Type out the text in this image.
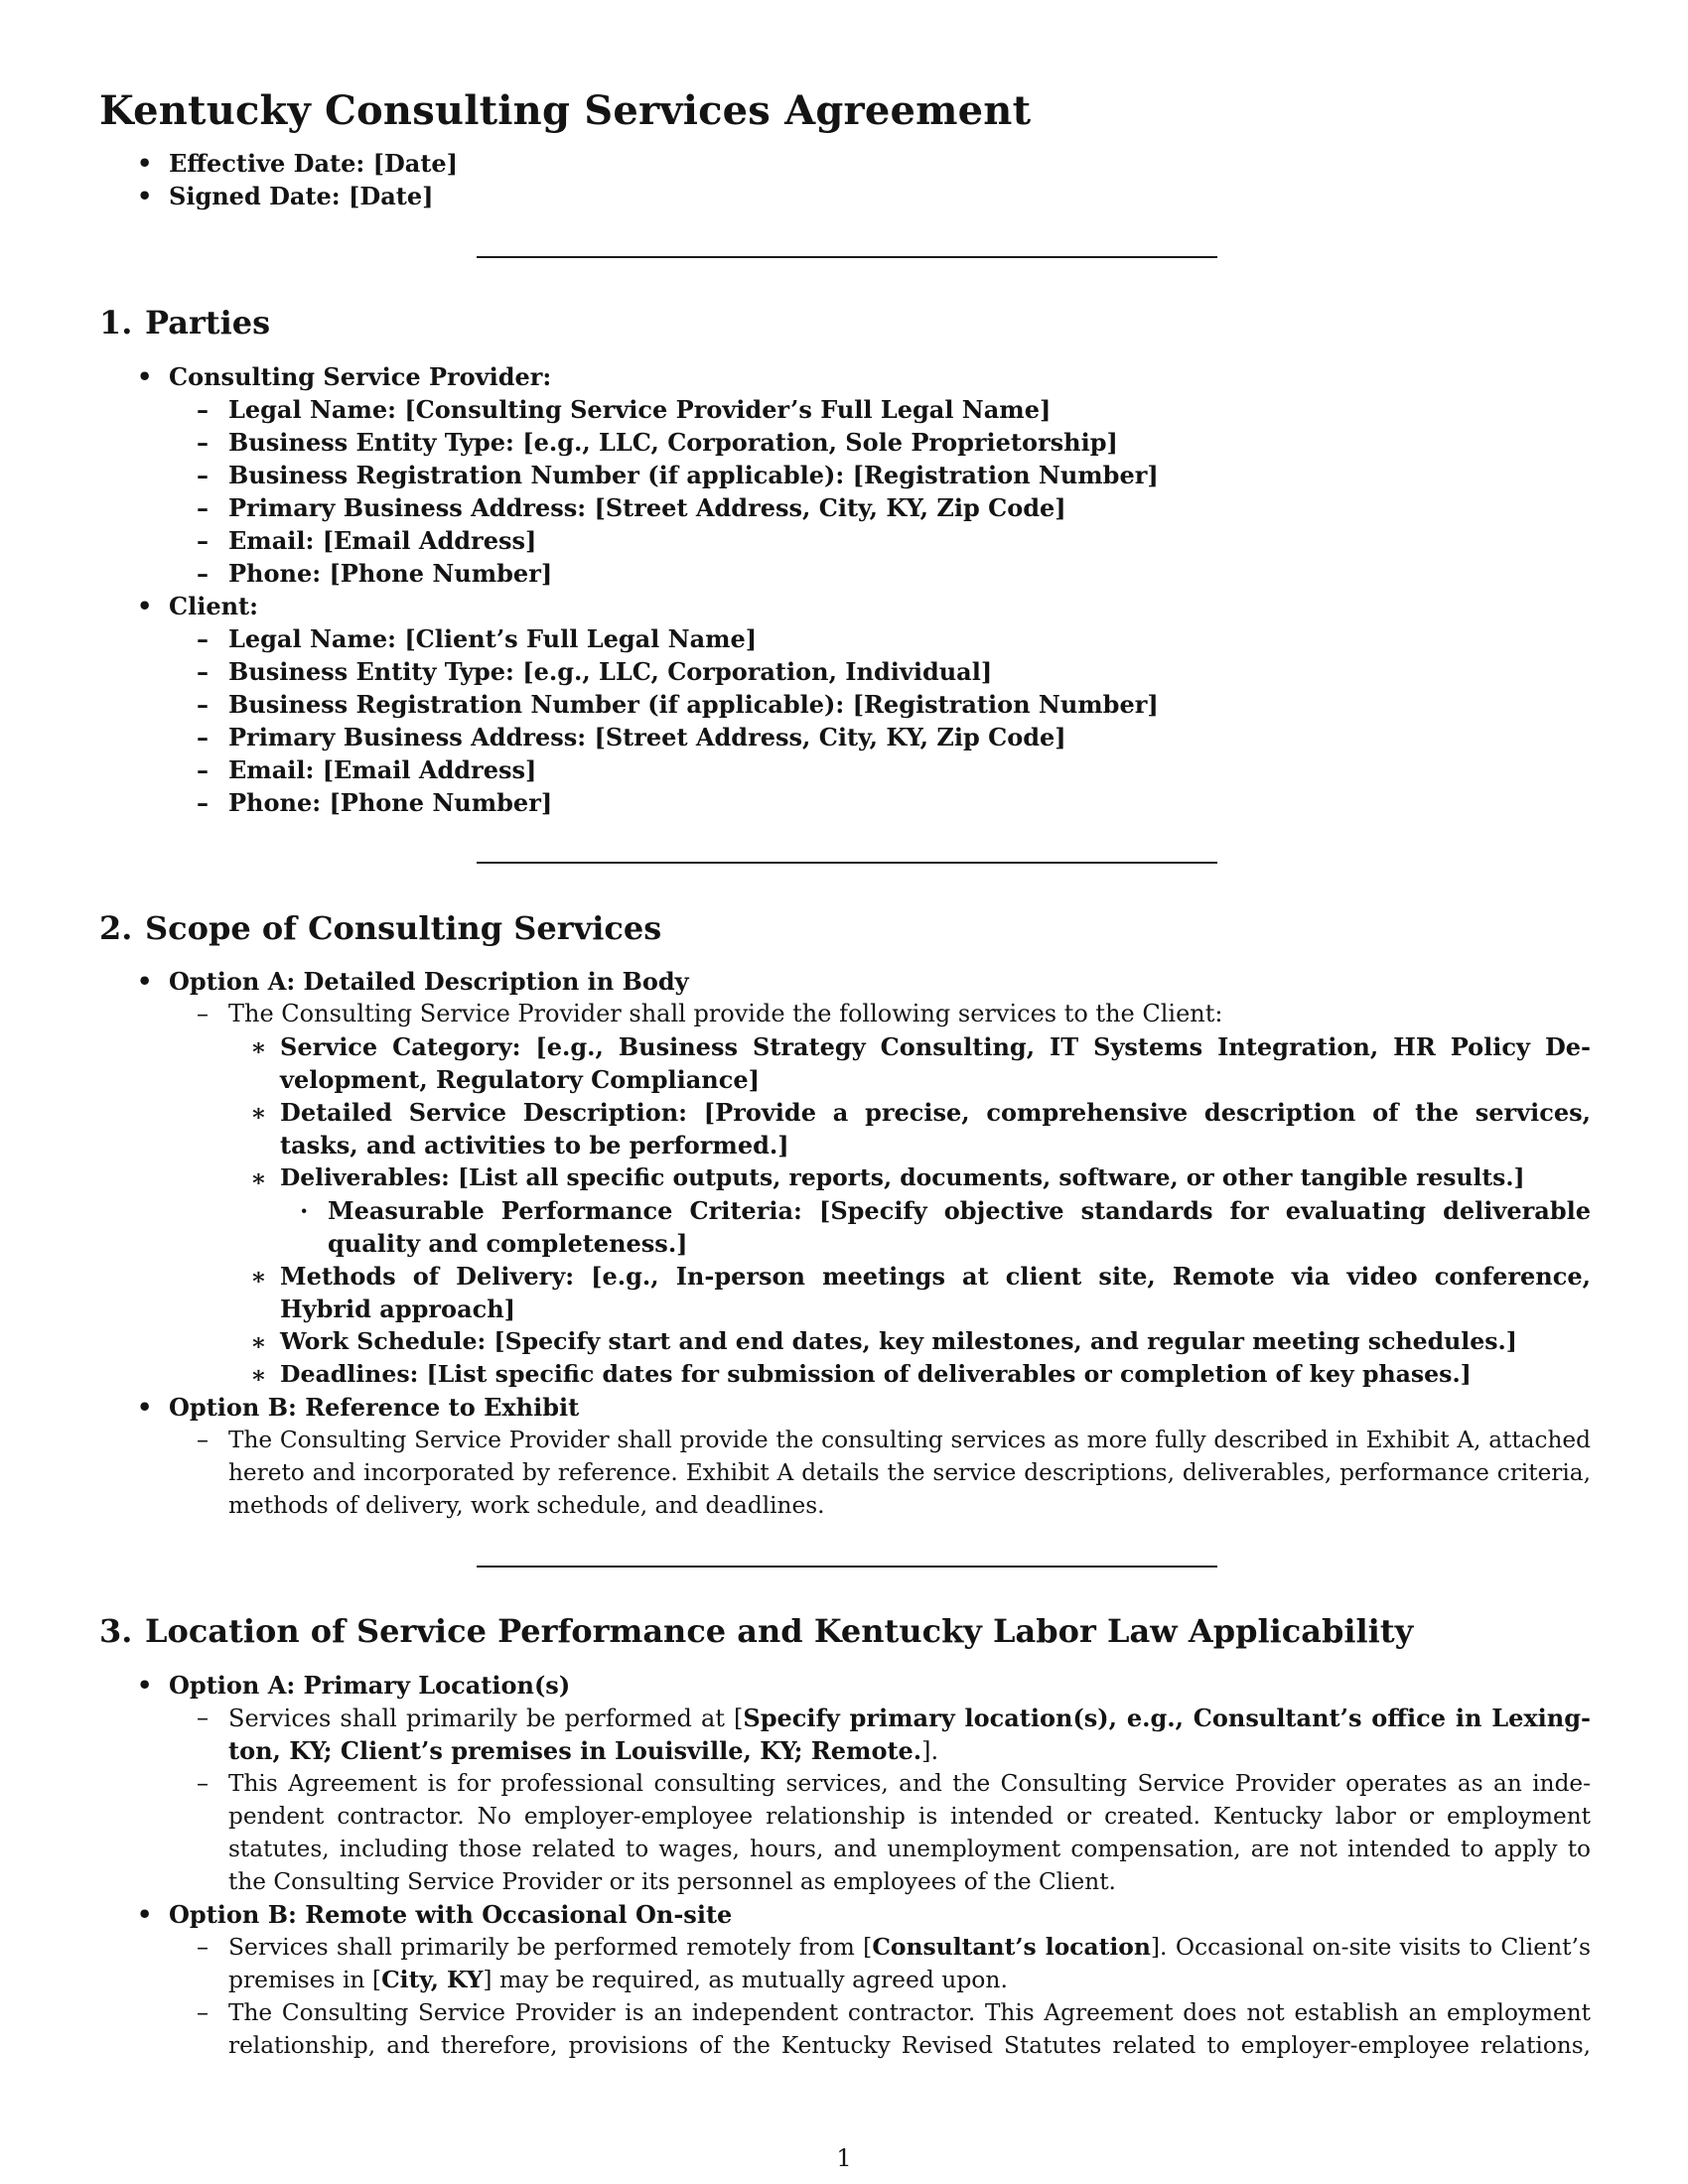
Kentucky Consulting Services Agreement
• Effective Date: [Date]
• Signed Date: [Date]
1. Parties
• Consulting Service Provider:
– Legal Name: [Consulting Service Provider’s Full Legal Name]
– Business Entity Type: [e.g., LLC, Corporation, Sole Proprietorship]
– Business Registration Number (if applicable): [Registration Number]
– Primary Business Address: [Street Address, City, KY, Zip Code]
– Email: [Email Address]
– Phone: [Phone Number]
• Client:
– Legal Name: [Client’s Full Legal Name]
– Business Entity Type: [e.g., LLC, Corporation, Individual]
– Business Registration Number (if applicable): [Registration Number]
– Primary Business Address: [Street Address, City, KY, Zip Code]
– Email: [Email Address]
– Phone: [Phone Number]
2. Scope of Consulting Services
• Option A: Detailed Description in Body
– The Consulting Service Provider shall provide the following services to the Client:
∗ Service Category: [e.g., Business Strategy Consulting, IT Systems Integration, HR Policy De-
velopment, Regulatory Compliance]
∗ Detailed Service Description: [Provide a precise, comprehensive description of the services,
tasks, and activities to be performed.]
∗ Deliverables: [List all specific outputs, reports, documents, software, or other tangible results.]
· Measurable Performance Criteria: [Specify objective standards for evaluating deliverable
quality and completeness.]
∗ Methods of Delivery: [e.g., In-person meetings at client site, Remote via video conference,
Hybrid approach]
∗ Work Schedule: [Specify start and end dates, key milestones, and regular meeting schedules.]
∗ Deadlines: [List specific dates for submission of deliverables or completion of key phases.]
• Option B: Reference to Exhibit
– The Consulting Service Provider shall provide the consulting services as more fully described in Exhibit A, attached
hereto and incorporated by reference. Exhibit A details the service descriptions, deliverables, performance criteria,
methods of delivery, work schedule, and deadlines.
3. Location of Service Performance and Kentucky Labor Law Applicability
• Option A: Primary Location(s)
– Services shall primarily be performed at [Specify primary location(s), e.g., Consultant’s office in Lexing-
ton, KY; Client’s premises in Louisville, KY; Remote.].
– This Agreement is for professional consulting services, and the Consulting Service Provider operates as an inde-
pendent contractor. No employer-employee relationship is intended or created. Kentucky labor or employment
statutes, including those related to wages, hours, and unemployment compensation, are not intended to apply to
the Consulting Service Provider or its personnel as employees of the Client.
• Option B: Remote with Occasional On-site
– Services shall primarily be performed remotely from [Consultant’s location]. Occasional on-site visits to Client’s
premises in [City, KY] may be required, as mutually agreed upon.
– The Consulting Service Provider is an independent contractor. This Agreement does not establish an employment
relationship, and therefore, provisions of the Kentucky Revised Statutes related to employer-employee relations,
1
